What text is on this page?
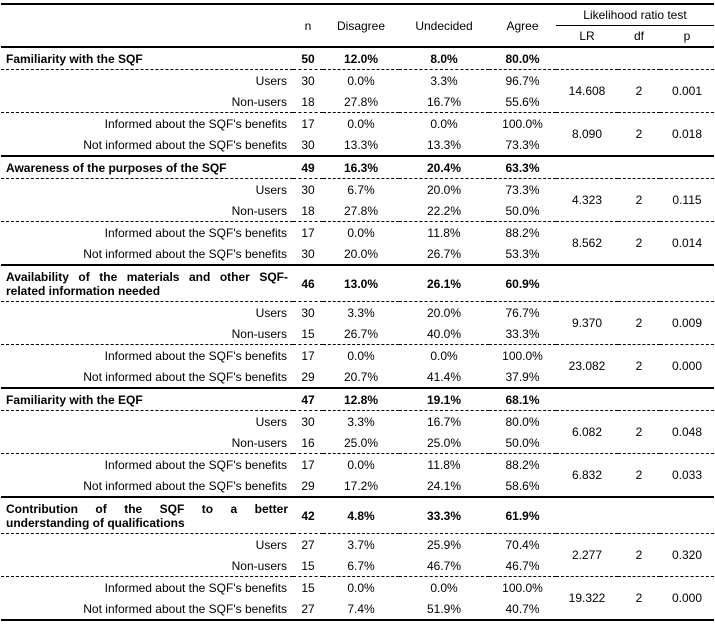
	n	Disagree	Undecided	Agree	Likelihood ratio test		
					LR	df	p
Familiarity with the SQF	50	12.0%	8.0%	80.0%			
Users	30	0.0%	3.3%	96.7%	14.608	2	0.001
Non-users	18	27.8%	16.7%	55.6%			
Informed about the SQF's benefits	17	0.0%	0.0%	100.0%	8.090	2	0.018
Not informed about the SQF's benefits	30	13.3%	13.3%	73.3%			
Awareness of the purposes of the SQF	49	16.3%	20.4%	63.3%			
Users	30	6.7%	20.0%	73.3%	4.323	2	0.115
Non-users	18	27.8%	22.2%	50.0%			
Informed about the SQF's benefits	17	0.0%	11.8%	88.2%	8.562	2	0.014
Not informed about the SQF's benefits	30	20.0%	26.7%	53.3%			
Availability of the materials and other SQF-related information needed	46	13.0%	26.1%	60.9%			
Users	30	3.3%	20.0%	76.7%	9.370	2	0.009
Non-users	15	26.7%	40.0%	33.3%			
Informed about the SQF's benefits	17	0.0%	0.0%	100.0%	23.082	2	0.000
Not informed about the SQF's benefits	29	20.7%	41.4%	37.9%			
Familiarity with the EQF	47	12.8%	19.1%	68.1%			
Users	30	3.3%	16.7%	80.0%	6.082	2	0.048
Non-users	16	25.0%	25.0%	50.0%			
Informed about the SQF's benefits	17	0.0%	11.8%	88.2%	6.832	2	0.033
Not informed about the SQF's benefits	29	17.2%	24.1%	58.6%			
Contribution of the SQF to a better understanding of qualifications	42	4.8%	33.3%	61.9%			
Users	27	3.7%	25.9%	70.4%	2.277	2	0.320
Non-users	15	6.7%	46.7%	46.7%			
Informed about the SQF's benefits	15	0.0%	0.0%	100.0%	19.322	2	0.000
Not informed about the SQF's benefits	27	7.4%	51.9%	40.7%			
